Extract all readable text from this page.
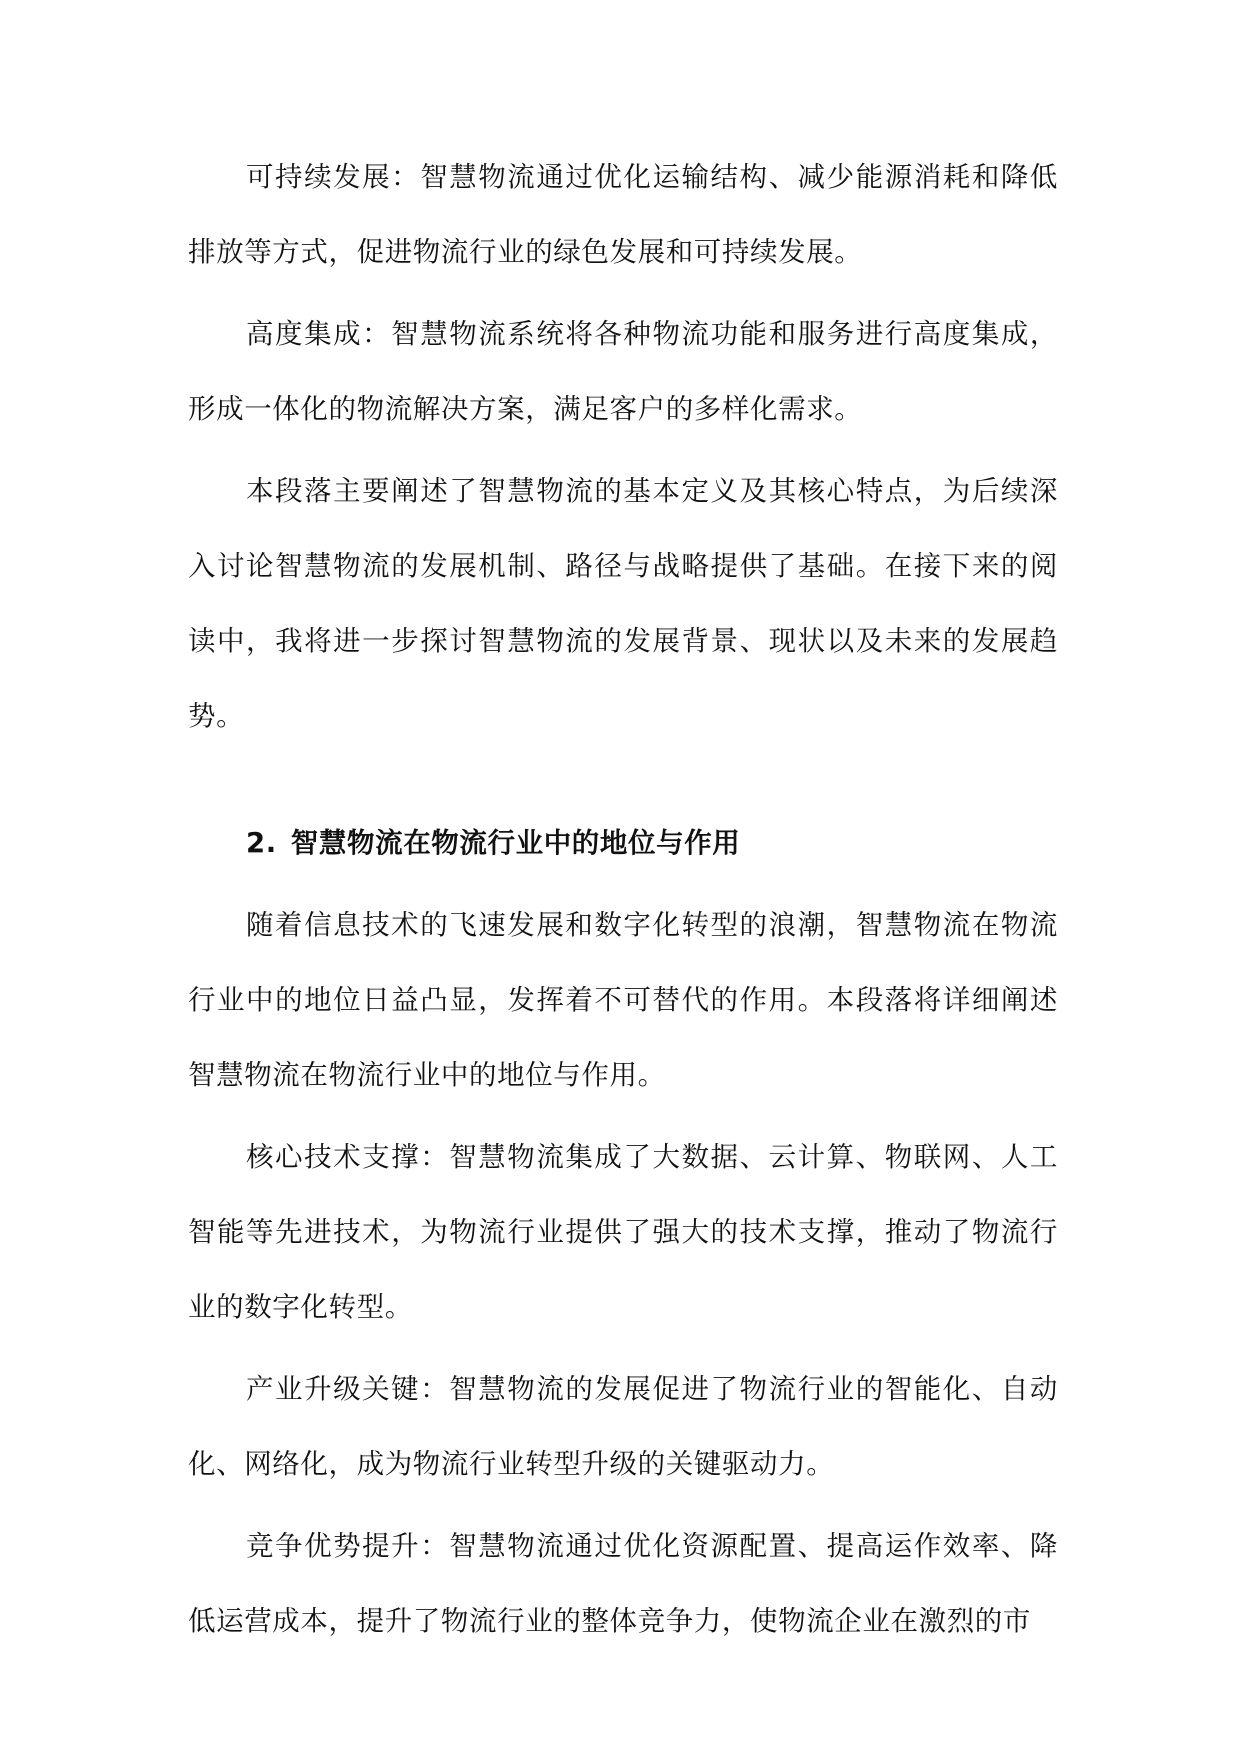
可持续发展：智慧物流通过优化运输结构、减少能源消耗和降低排放等方式，促进物流行业的绿色发展和可持续发展。

高度集成：智慧物流系统将各种物流功能和服务进行高度集成，形成一体化的物流解决方案，满足客户的多样化需求。

本段落主要阐述了智慧物流的基本定义及其核心特点，为后续深入讨论智慧物流的发展机制、路径与战略提供了基础。在接下来的阅读中，我将进一步探讨智慧物流的发展背景、现状以及未来的发展趋势。

2. 智慧物流在物流行业中的地位与作用

随着信息技术的飞速发展和数字化转型的浪潮，智慧物流在物流行业中的地位日益凸显，发挥着不可替代的作用。本段落将详细阐述智慧物流在物流行业中的地位与作用。

核心技术支撑：智慧物流集成了大数据、云计算、物联网、人工智能等先进技术，为物流行业提供了强大的技术支撑，推动了物流行业的数字化转型。

产业升级关键：智慧物流的发展促进了物流行业的智能化、自动化、网络化，成为物流行业转型升级的关键驱动力。

竞争优势提升：智慧物流通过优化资源配置、提高运作效率、降低运营成本，提升了物流行业的整体竞争力，使物流企业在激烈的市
